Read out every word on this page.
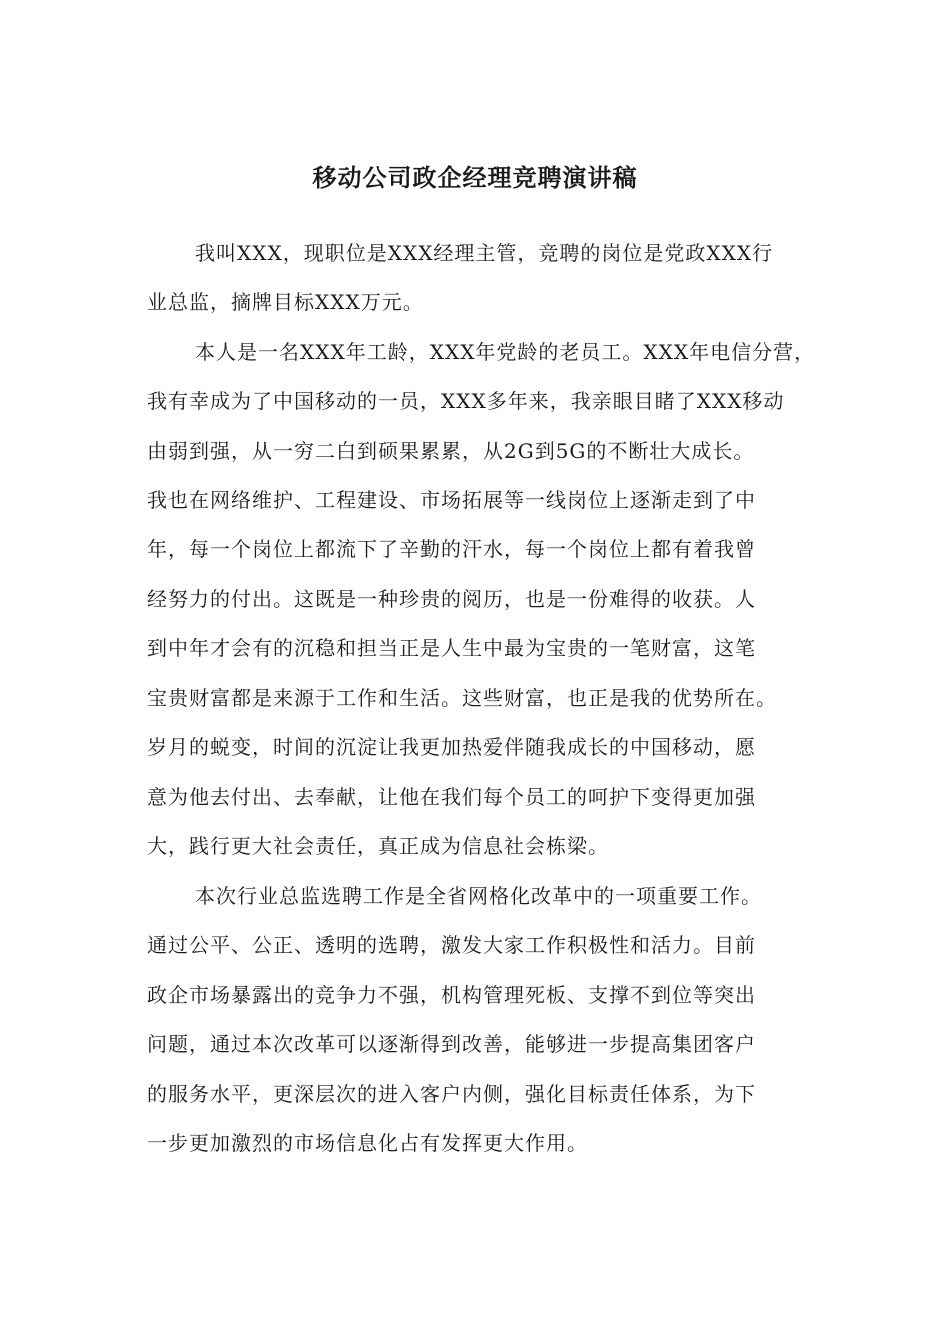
移动公司政企经理竞聘演讲稿
我叫XXX，现职位是XXX经理主管，竞聘的岗位是党政XXX行
业总监，摘牌目标XXX万元。
本人是一名XXX年工龄，XXX年党龄的老员工。XXX年电信分营，
我有幸成为了中国移动的一员，XXX多年来，我亲眼目睹了XXX移动
由弱到强，从一穷二白到硕果累累，从2G到5G的不断壮大成长。
我也在网络维护、工程建设、市场拓展等一线岗位上逐渐走到了中
年，每一个岗位上都流下了辛勤的汗水，每一个岗位上都有着我曾
经努力的付出。这既是一种珍贵的阅历，也是一份难得的收获。人
到中年才会有的沉稳和担当正是人生中最为宝贵的一笔财富，这笔
宝贵财富都是来源于工作和生活。这些财富，也正是我的优势所在。
岁月的蜕变，时间的沉淀让我更加热爱伴随我成长的中国移动，愿
意为他去付出、去奉献，让他在我们每个员工的呵护下变得更加强
大，践行更大社会责任，真正成为信息社会栋梁。
本次行业总监选聘工作是全省网格化改革中的一项重要工作。
通过公平、公正、透明的选聘，激发大家工作积极性和活力。目前
政企市场暴露出的竞争力不强，机构管理死板、支撑不到位等突出
问题，通过本次改革可以逐渐得到改善，能够进一步提高集团客户
的服务水平，更深层次的进入客户内侧，强化目标责任体系，为下
一步更加激烈的市场信息化占有发挥更大作用。
